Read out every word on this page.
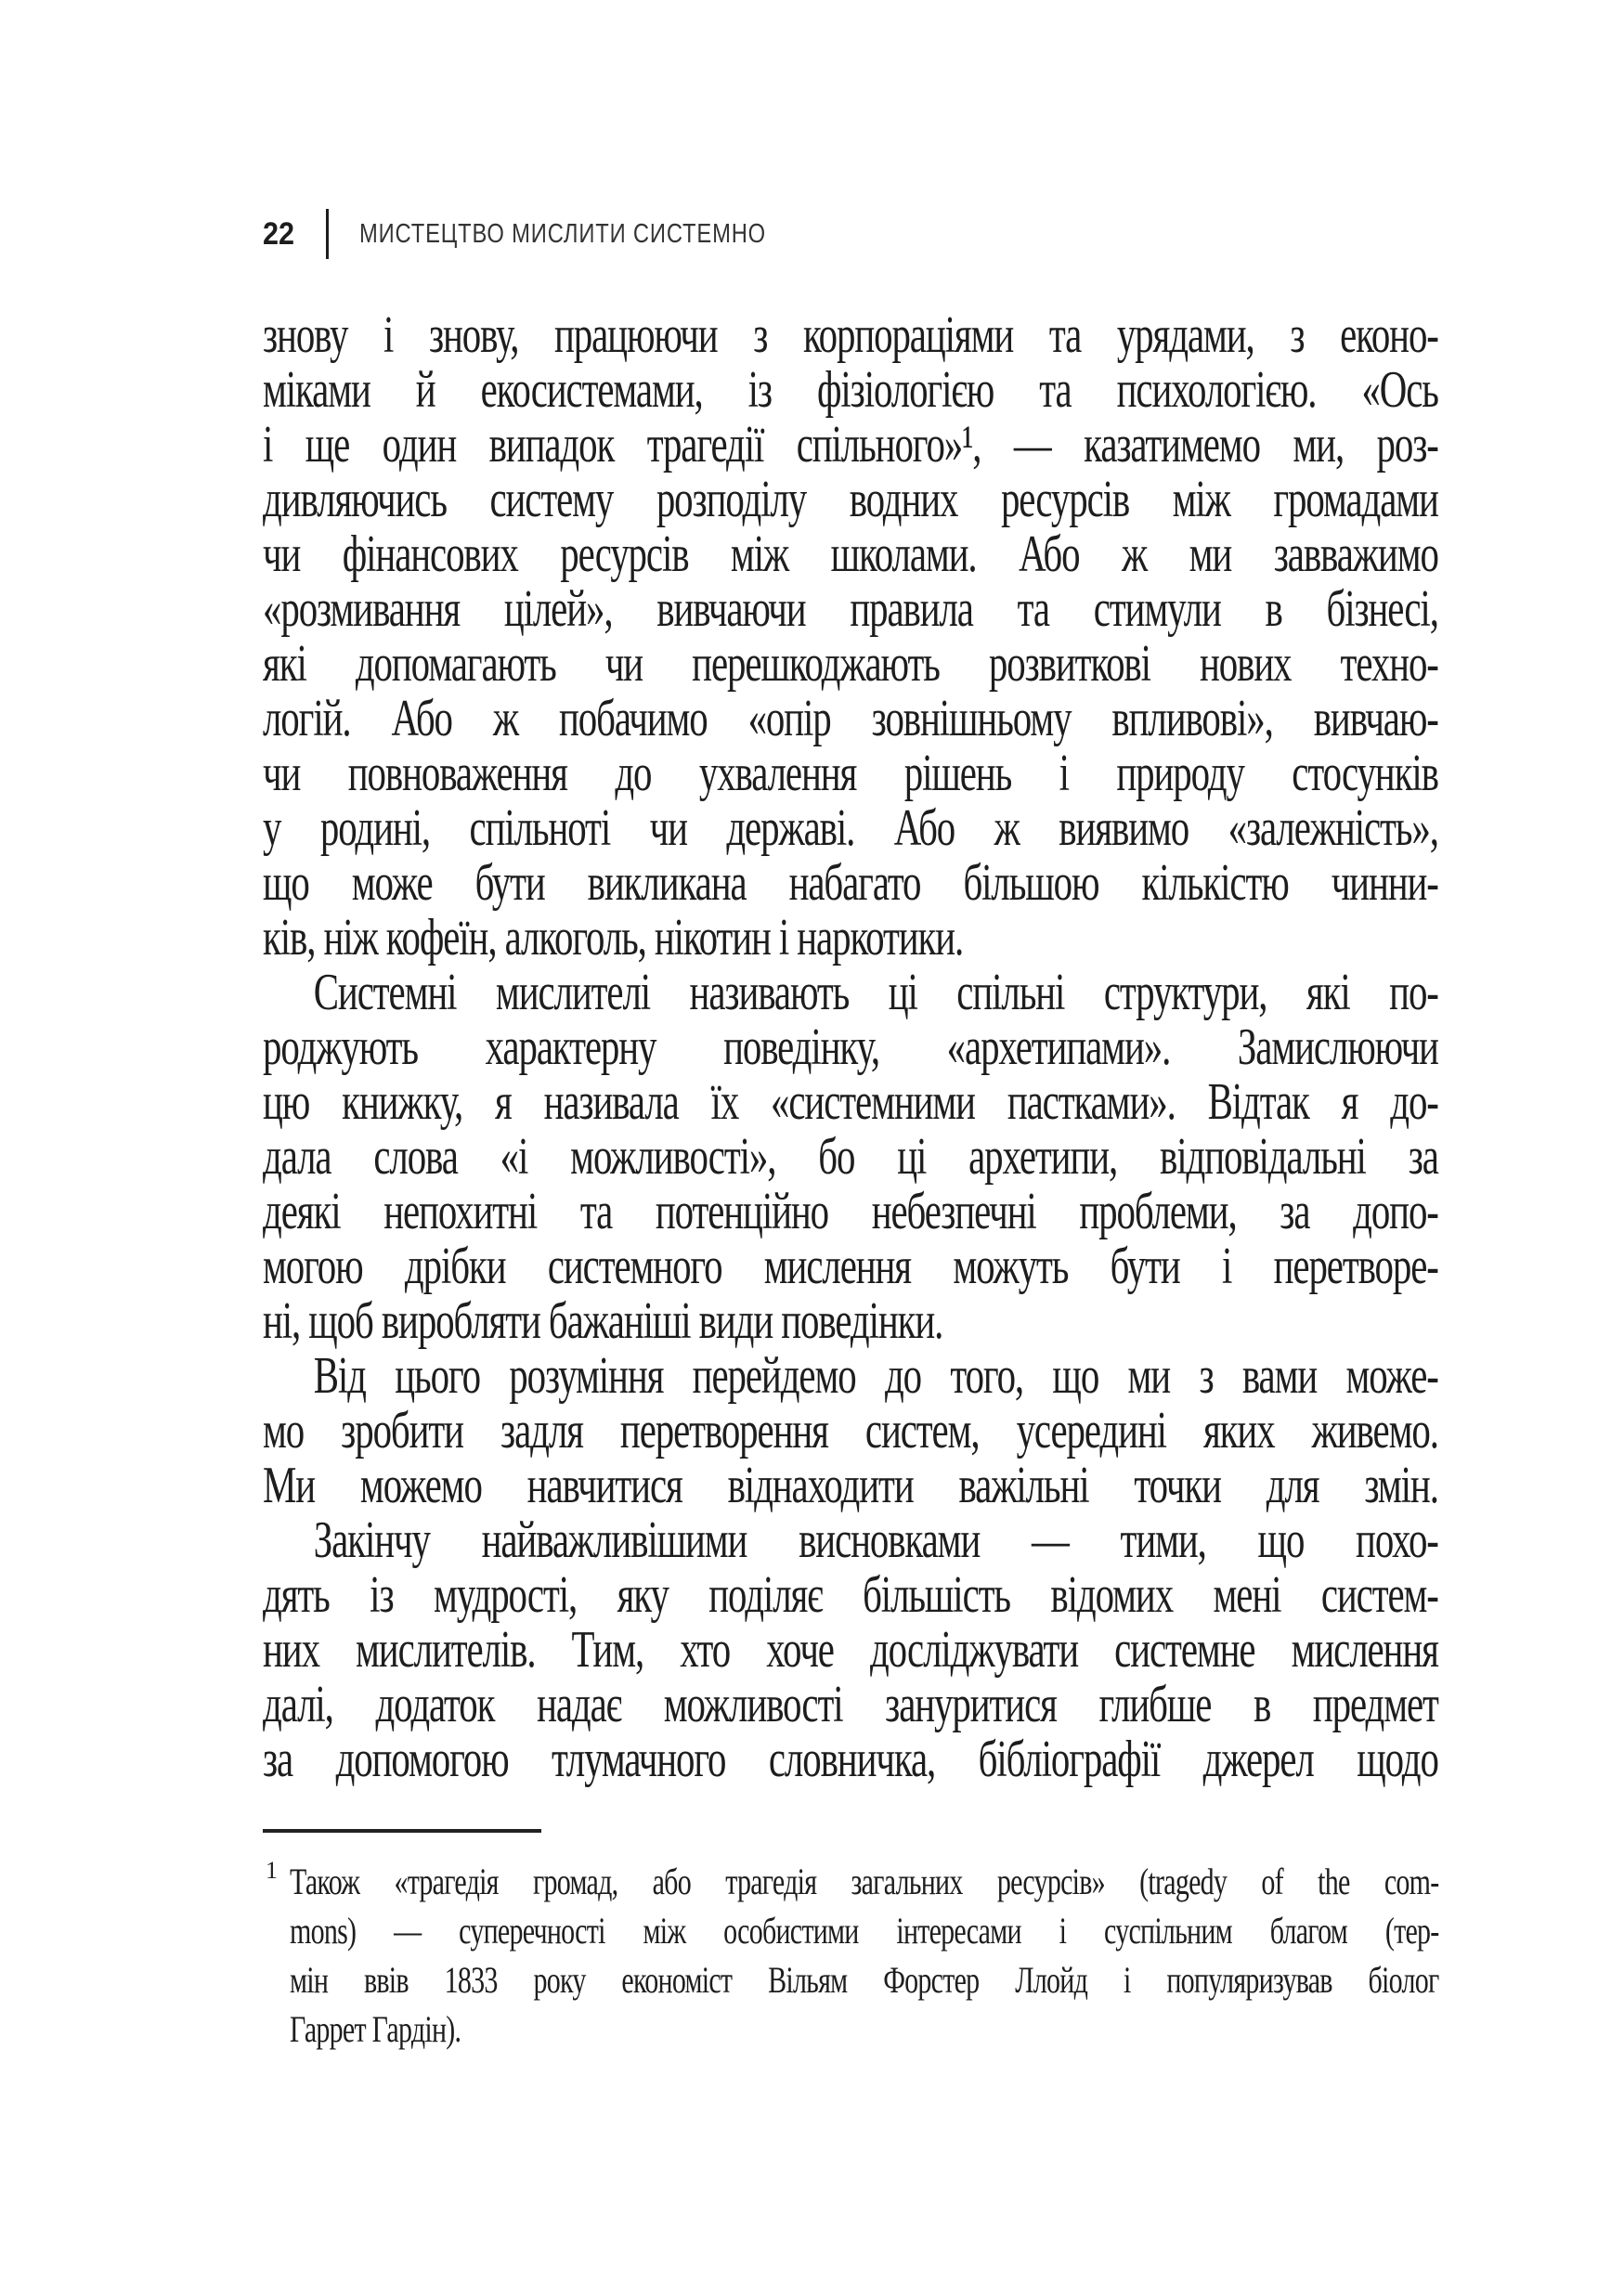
22 МИСТЕЦТВО МИСЛИТИ СИСТЕМНО
знову і знову, працюючи з корпораціями та урядами, з еконо-
міками й екосистемами, із фізіологією та психологією. «Ось
і ще один випадок трагедії спільного»¹, — казатимемо ми, роз-
дивляючись систему розподілу водних ресурсів між громадами
чи фінансових ресурсів між школами. Або ж ми завважимо
«розмивання цілей», вивчаючи правила та стимули в бізнесі,
які допомагають чи перешкоджають розвиткові нових техно-
логій. Або ж побачимо «опір зовнішньому впливові», вивчаю-
чи повноваження до ухвалення рішень і природу стосунків
у родині, спільноті чи державі. Або ж виявимо «залежність»,
що може бути викликана набагато більшою кількістю чинни-
ків, ніж кофеїн, алкоголь, нікотин і наркотики.
Системні мислителі називають ці спільні структури, які по-
роджують характерну поведінку, «архетипами». Замислюючи
цю книжку, я називала їх «системними пастками». Відтак я до-
дала слова «і можливості», бо ці архетипи, відповідальні за
деякі непохитні та потенційно небезпечні проблеми, за допо-
могою дрібки системного мислення можуть бути і перетворе-
ні, щоб виробляти бажаніші види поведінки.
Від цього розуміння перейдемо до того, що ми з вами може-
мо зробити задля перетворення систем, усередині яких живемо.
Ми можемо навчитися віднаходити важільні точки для змін.
Закінчу найважливішими висновками — тими, що похо-
дять із мудрості, яку поділяє більшість відомих мені систем-
них мислителів. Тим, хто хоче досліджувати системне мислення
далі, додаток надає можливості зануритися глибше в предмет
за допомогою тлумачного словничка, бібліографії джерел щодо
1 Також «трагедія громад, або трагедія загальних ресурсів» (tragedy of the com-
mons) — суперечності між особистими інтересами і суспільним благом (тер-
мін ввів 1833 року економіст Вільям Форстер Ллойд і популяризував біолог
Гаррет Гардін).
